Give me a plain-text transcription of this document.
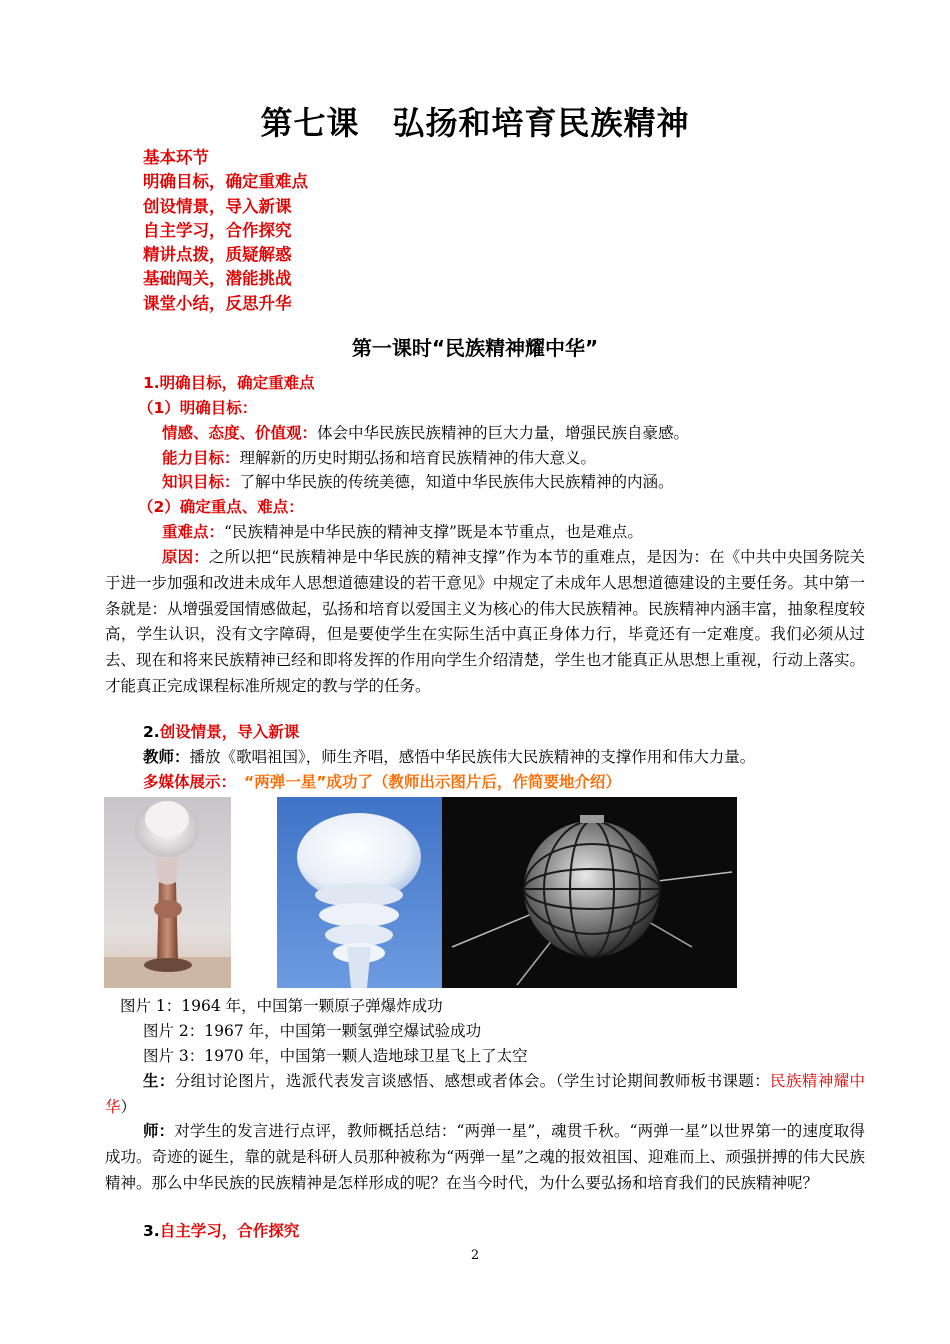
第七课　弘扬和培育民族精神
基本环节
明确目标，确定重难点
创设情景，导入新课
自主学习，合作探究
精讲点拨，质疑解惑
基础闯关，潜能挑战
课堂小结，反思升华
第一课时“民族精神耀中华”
1.明确目标，确定重难点
（1）明确目标：
情感、态度、价值观：体会中华民族民族精神的巨大力量，增强民族自豪感。
能力目标：理解新的历史时期弘扬和培育民族精神的伟大意义。
知识目标：了解中华民族的传统美德，知道中华民族伟大民族精神的内涵。
（2）确定重点、难点：
重难点：“民族精神是中华民族的精神支撑”既是本节重点，也是难点。
原因：之所以把“民族精神是中华民族的精神支撑”作为本节的重难点，是因为：在《中共中央国务院关于进一步加强和改进未成年人思想道德建设的若干意见》中规定了未成年人思想道德建设的主要任务。其中第一条就是：从增强爱国情感做起，弘扬和培育以爱国主义为核心的伟大民族精神。民族精神内涵丰富，抽象程度较高，学生认识，没有文字障碍，但是要使学生在实际生活中真正身体力行，毕竟还有一定难度。我们必须从过去、现在和将来民族精神已经和即将发挥的作用向学生介绍清楚，学生也才能真正从思想上重视，行动上落实。才能真正完成课程标准所规定的教与学的任务。
2.创设情景，导入新课
教师：播放《歌唱祖国》，师生齐唱，感悟中华民族伟大民族精神的支撑作用和伟大力量。
多媒体展示： “两弹一星”成功了（教师出示图片后，作简要地介绍）
图片 1：1964 年，中国第一颗原子弹爆炸成功
图片 2：1967 年，中国第一颗氢弹空爆试验成功
图片 3：1970 年，中国第一颗人造地球卫星飞上了太空
生：分组讨论图片，选派代表发言谈感悟、感想或者体会。（学生讨论期间教师板书课题：民族精神耀中华）
师：对学生的发言进行点评，教师概括总结：“两弹一星”，魂贯千秋。“两弹一星”以世界第一的速度取得成功。奇迹的诞生，靠的就是科研人员那种被称为“两弹一星”之魂的报效祖国、迎难而上、顽强拼搏的伟大民族精神。那么中华民族的民族精神是怎样形成的呢？在当今时代，为什么要弘扬和培育我们的民族精神呢？
3.自主学习，合作探究
2
